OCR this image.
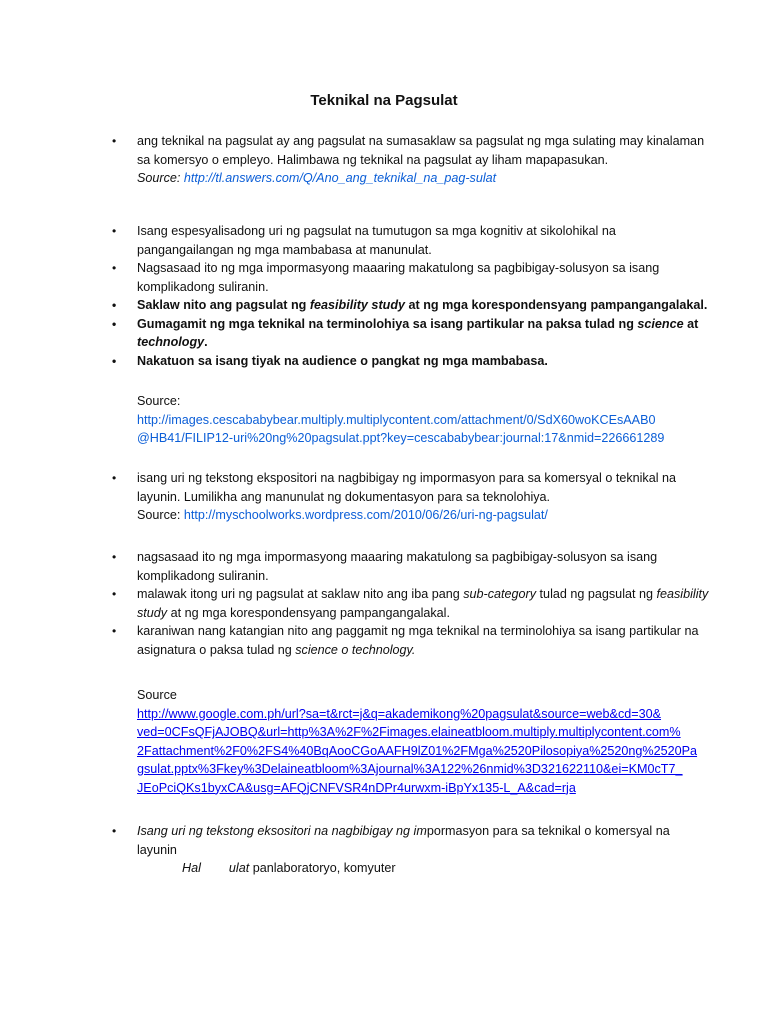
Teknikal na Pagsulat
•	ang teknikal na pagsulat ay ang pagsulat na sumasaklaw sa pagsulat ng mga sulating may kinalaman sa komersyo o empleyo. Halimbawa ng teknikal na pagsulat ay liham mapapasukan.
Source: http://tl.answers.com/Q/Ano_ang_teknikal_na_pag-sulat
•	Isang espesyalisadong uri ng pagsulat na tumutugon sa mga kognitiv at sikolohikal na pangangailangan ng mga mambabasa at manunulat.
•	Nagsasaad ito ng mga impormasyong maaaring makatulong sa pagbibigay-solusyon sa isang komplikadong suliranin.
•	Saklaw nito ang pagsulat ng feasibility study at ng mga korespondensyang pampangangalakal.
•	Gumagamit ng mga teknikal na terminolohiya sa isang partikular na paksa tulad ng science at technology.
•	Nakatuon sa isang tiyak na audience o pangkat ng mga mambabasa.
Source:
http://images.cescababybear.multiply.multiplycontent.com/attachment/0/SdX60woKCEsAAB0
@HB41/FILIP12-uri%20ng%20pagsulat.ppt?key=cescababybear:journal:17&nmid=226661289
•	isang uri ng tekstong ekspositori na nagbibigay ng impormasyon para sa komersyal o teknikal na layunin. Lumilikha ang manunulat ng dokumentasyon para sa teknolohiya.
Source: http://myschoolworks.wordpress.com/2010/06/26/uri-ng-pagsulat/
•	nagsasaad ito ng mga impormasyong maaaring makatulong sa pagbibigay-solusyon sa isang komplikadong suliranin.
•	malawak itong uri ng pagsulat at saklaw nito ang iba pang sub-category tulad ng pagsulat ng feasibility study at ng mga korespondensyang pampangangalakal.
•	karaniwan nang katangian nito ang paggamit ng mga teknikal na terminolohiya sa isang partikular na asignatura o paksa tulad ng science o technology.
Source
http://www.google.com.ph/url?sa=t&rct=j&q=akademikong%20pagsulat&source=web&cd=30&
ved=0CFsQFjAJOBQ&url=http%3A%2F%2Fimages.elaineatbloom.multiply.multiplycontent.com%
2Fattachment%2F0%2FS4%40BqAooCGoAAFH9lZ01%2FMga%2520Pilosopiya%2520ng%2520Pa
gsulat.pptx%3Fkey%3Delaineatbloom%3Ajournal%3A122%26nmid%3D321622110&ei=KM0cT7_
JEoPciQKs1byxCA&usg=AFQjCNFVSR4nDPr4urwxm-iBpYx135-L_A&cad=rja
•	Isang uri ng tekstong eksositori na nagbibigay ng impormasyon para sa teknikal o komersyal na layunin
Hal ulat panlaboratoryo, komyuter
